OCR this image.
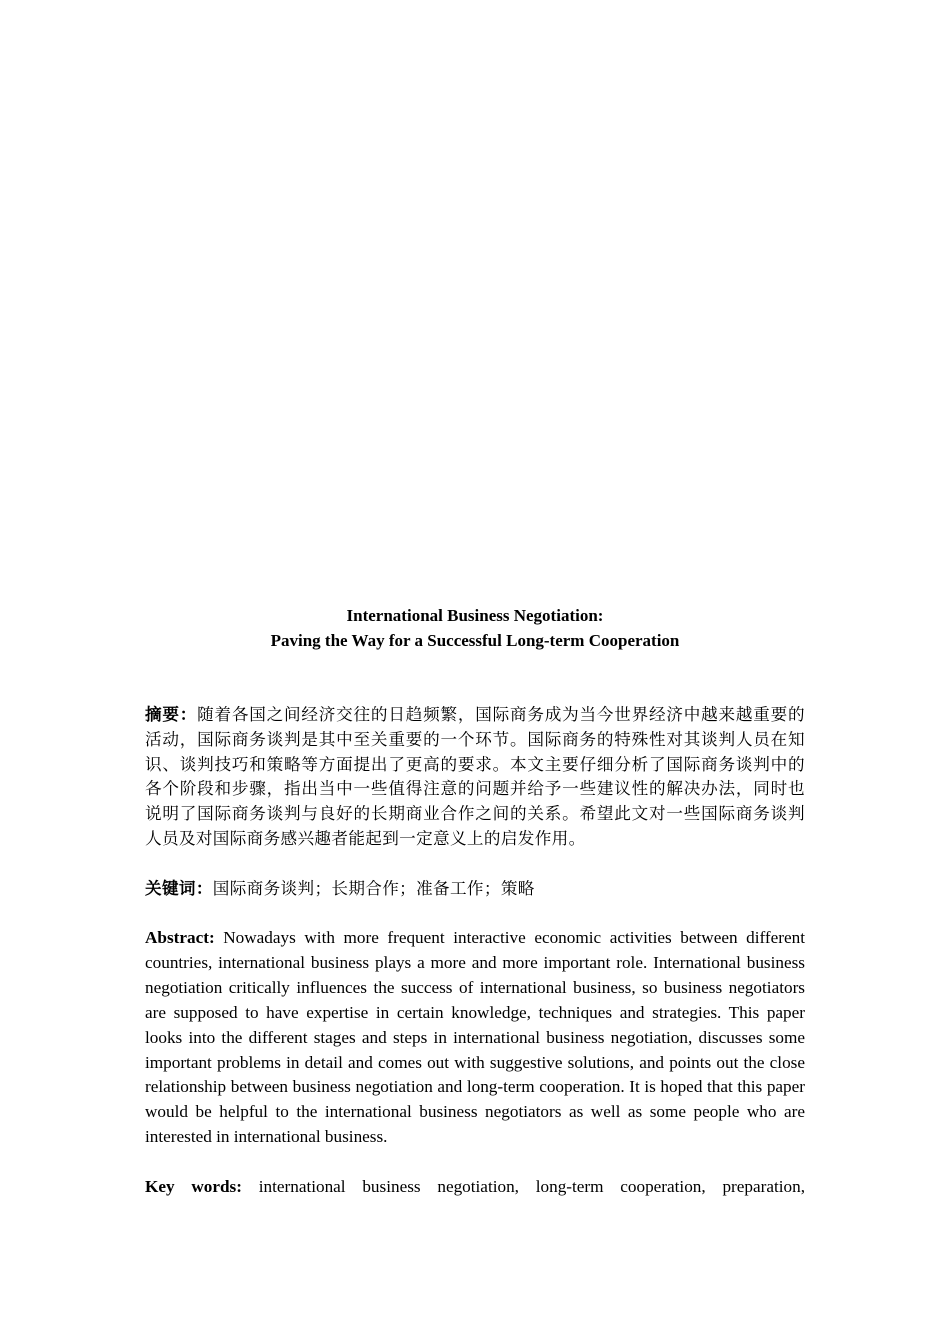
International Business Negotiation:
Paving the Way for a Successful Long-term Cooperation

摘要：随着各国之间经济交往的日趋频繁，国际商务成为当今世界经济中越来越重要的活动，国际商务谈判是其中至关重要的一个环节。国际商务的特殊性对其谈判人员在知识、谈判技巧和策略等方面提出了更高的要求。本文主要仔细分析了国际商务谈判中的各个阶段和步骤，指出当中一些值得注意的问题并给予一些建议性的解决办法，同时也说明了国际商务谈判与良好的长期商业合作之间的关系。希望此文对一些国际商务谈判人员及对国际商务感兴趣者能起到一定意义上的启发作用。

关键词：国际商务谈判；长期合作；准备工作；策略

Abstract: Nowadays with more frequent interactive economic activities between different countries, international business plays a more and more important role. International business negotiation critically influences the success of international business, so business negotiators are supposed to have expertise in certain knowledge, techniques and strategies. This paper looks into the different stages and steps in international business negotiation, discusses some important problems in detail and comes out with suggestive solutions, and points out the close relationship between business negotiation and long-term cooperation. It is hoped that this paper would be helpful to the international business negotiators as well as some people who are interested in international business.

Key words: international business negotiation, long-term cooperation, preparation,
